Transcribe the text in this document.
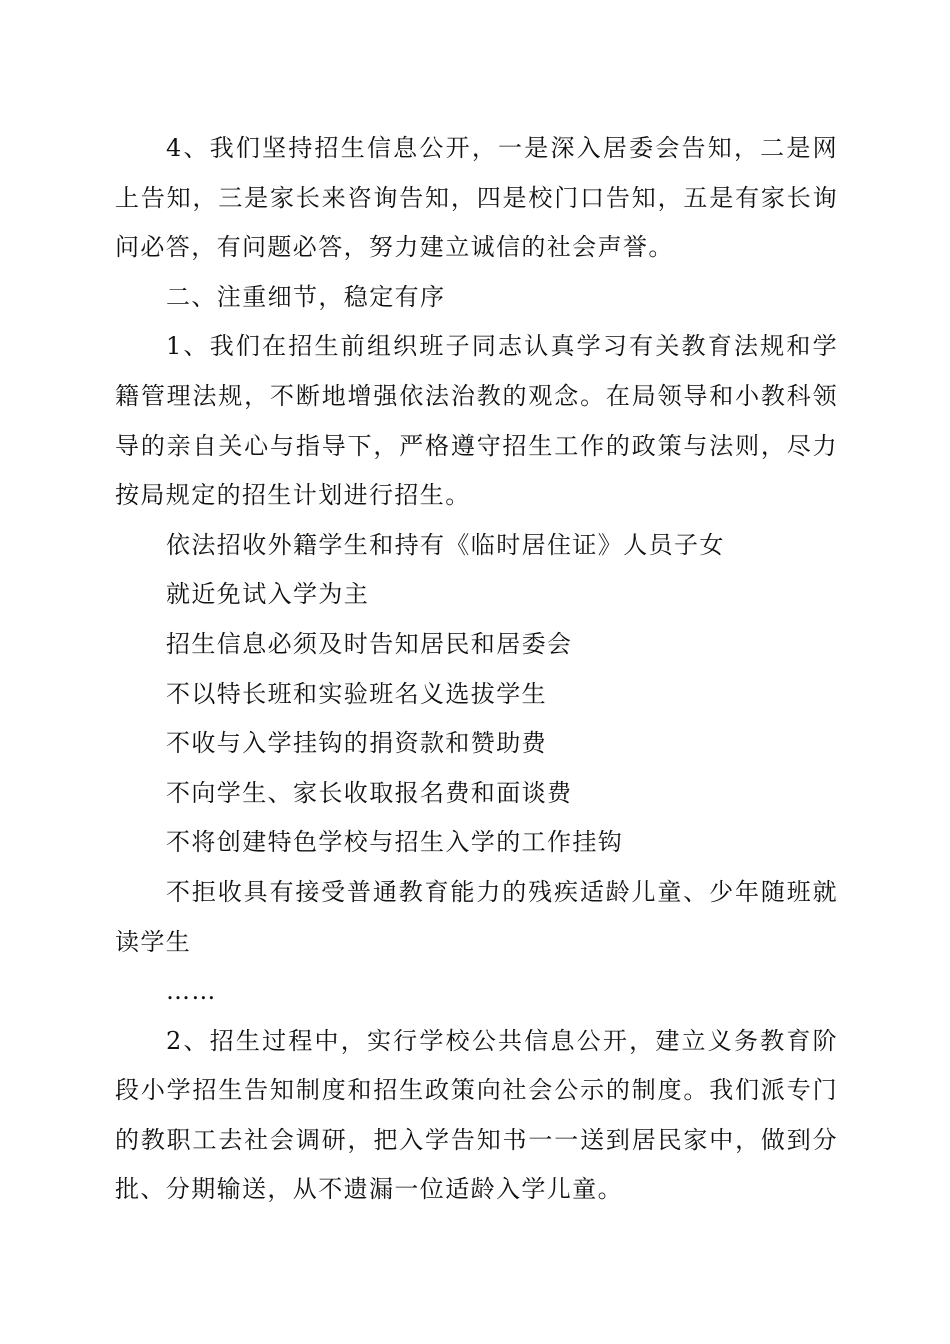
4、我们坚持招生信息公开，一是深入居委会告知，二是网上告知，三是家长来咨询告知，四是校门口告知，五是有家长询问必答，有问题必答，努力建立诚信的社会声誉。

二、注重细节，稳定有序

1、我们在招生前组织班子同志认真学习有关教育法规和学籍管理法规，不断地增强依法治教的观念。在局领导和小教科领导的亲自关心与指导下，严格遵守招生工作的政策与法则，尽力按局规定的招生计划进行招生。

依法招收外籍学生和持有《临时居住证》人员子女

就近免试入学为主

招生信息必须及时告知居民和居委会

不以特长班和实验班名义选拔学生

不收与入学挂钩的捐资款和赞助费

不向学生、家长收取报名费和面谈费

不将创建特色学校与招生入学的工作挂钩

不拒收具有接受普通教育能力的残疾适龄儿童、少年随班就读学生

……

2、招生过程中，实行学校公共信息公开，建立义务教育阶段小学招生告知制度和招生政策向社会公示的制度。我们派专门的教职工去社会调研，把入学告知书一一送到居民家中，做到分批、分期输送，从不遗漏一位适龄入学儿童。
